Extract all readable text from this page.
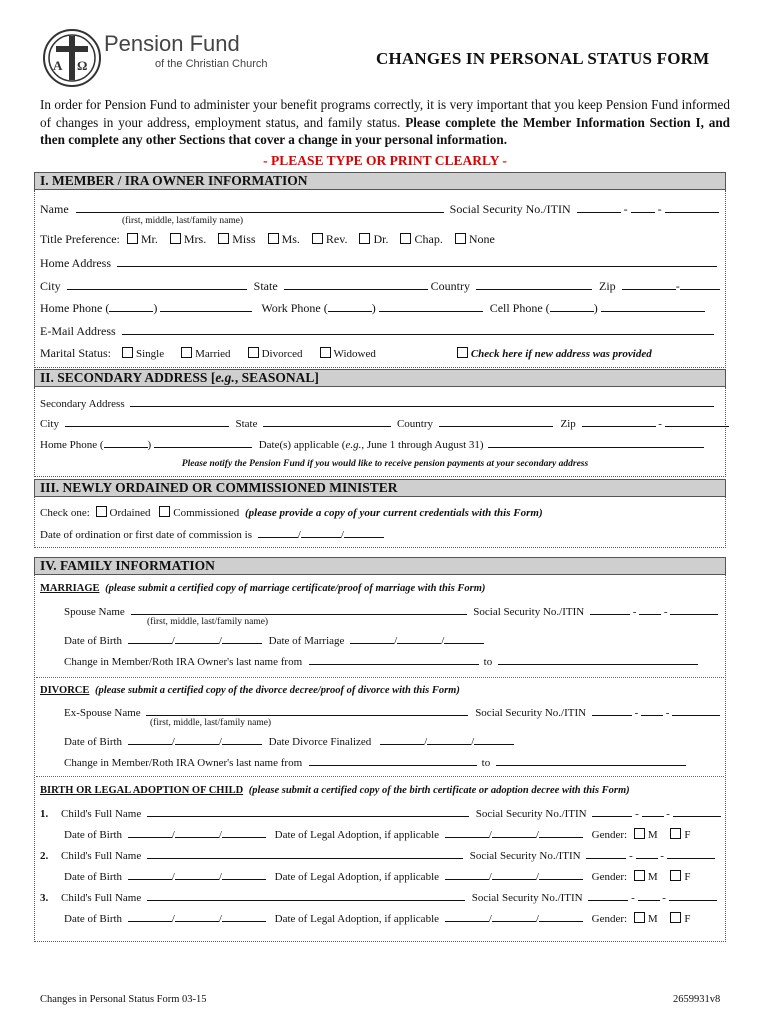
A Ω
Pension Fund
of the Christian Church	CHANGES IN PERSONAL STATUS FORM
In order for Pension Fund to administer your benefit programs correctly, it is very important that you keep Pension Fund informed of changes in your address, employment status, and family status. Please complete the Member Information Section I, and then complete any other Sections that cover a change in your personal information.
- PLEASE TYPE OR PRINT CLEARLY -
I. MEMBER / IRA OWNER INFORMATION
Name	Social Security No./ITIN	-  -
(first, middle, last/family name)
Title Preference: Mr. Mrs. Miss Ms. Rev. Dr. Chap. None
Home Address
City	State	Country	Zip	-
Home Phone (	)	Work Phone (	)	Cell Phone (	)
E-Mail Address
Marital Status: Single	Married	Divorced	Widowed	Check here if new address was provided
II. SECONDARY ADDRESS [e.g., SEASONAL]
Secondary Address
City	State	Country	Zip	-
Home Phone (	)	Date(s) applicable (e.g., June 1 through August 31)
Please notify the Pension Fund if you would like to receive pension payments at your secondary address
III. NEWLY ORDAINED OR COMMISSIONED MINISTER
Check one: Ordained Commissioned (please provide a copy of your current credentials with this Form)
Date of ordination or first date of commission is	/	/
IV. FAMILY INFORMATION
MARRIAGE (please submit a certified copy of marriage certificate/proof of marriage with this Form)
Spouse Name	Social Security No./ITIN	-  -
(first, middle, last/family name)
Date of Birth	/	/	Date of Marriage	/	/
Change in Member/Roth IRA Owner's last name from	to
DIVORCE (please submit a certified copy of the divorce decree/proof of divorce with this Form)
Ex-Spouse Name	Social Security No./ITIN	-  -
(first, middle, last/family name)
Date of Birth	/	/	Date Divorce Finalized	/	/
Change in Member/Roth IRA Owner's last name from	to
BIRTH OR LEGAL ADOPTION OF CHILD (please submit a certified copy of the birth certificate or adoption decree with this Form)
1. Child's Full Name	Social Security No./ITIN	-  -
Date of Birth	/	/	Date of Legal Adoption, if applicable	/	/	Gender: M F
2. Child's Full Name	Social Security No./ITIN	-  -
Date of Birth	/	/	Date of Legal Adoption, if applicable	/	/	Gender: M F
3. Child's Full Name	Social Security No./ITIN	-  -
Date of Birth	/	/	Date of Legal Adoption, if applicable	/	/	Gender: M F
Changes in Personal Status Form 03-15	2659931v8
